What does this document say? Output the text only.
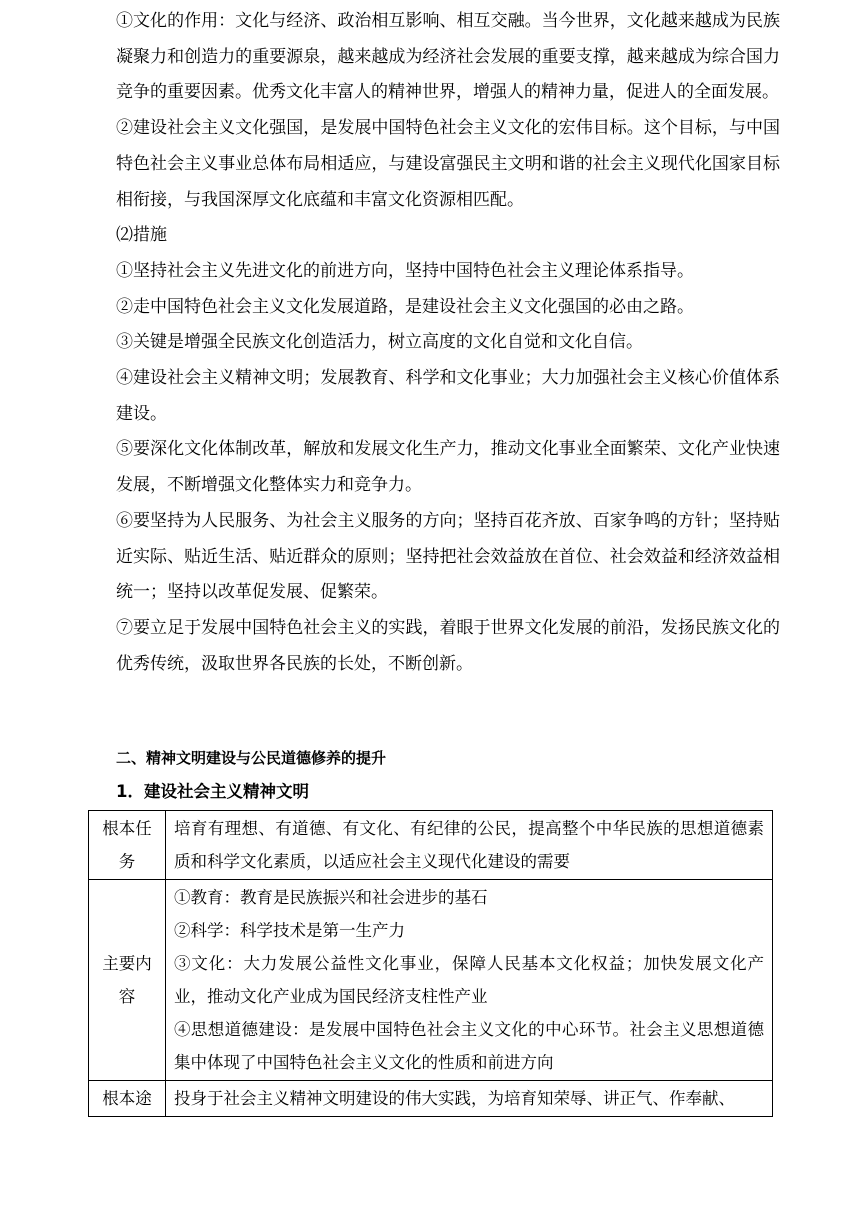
①文化的作用：文化与经济、政治相互影响、相互交融。当今世界，文化越来越成为民族凝聚力和创造力的重要源泉，越来越成为经济社会发展的重要支撑，越来越成为综合国力竞争的重要因素。优秀文化丰富人的精神世界，增强人的精神力量，促进人的全面发展。

②建设社会主义文化强国，是发展中国特色社会主义文化的宏伟目标。这个目标，与中国特色社会主义事业总体布局相适应，与建设富强民主文明和谐的社会主义现代化国家目标相衔接，与我国深厚文化底蕴和丰富文化资源相匹配。

⑵措施

①坚持社会主义先进文化的前进方向，坚持中国特色社会主义理论体系指导。

②走中国特色社会主义文化发展道路，是建设社会主义文化强国的必由之路。

③关键是增强全民族文化创造活力，树立高度的文化自觉和文化自信。

④建设社会主义精神文明；发展教育、科学和文化事业；大力加强社会主义核心价值体系建设。

⑤要深化文化体制改革，解放和发展文化生产力，推动文化事业全面繁荣、文化产业快速发展，不断增强文化整体实力和竞争力。

⑥要坚持为人民服务、为社会主义服务的方向；坚持百花齐放、百家争鸣的方针；坚持贴近实际、贴近生活、贴近群众的原则；坚持把社会效益放在首位、社会效益和经济效益相统一；坚持以改革促发展、促繁荣。

⑦要立足于发展中国特色社会主义的实践，着眼于世界文化发展的前沿，发扬民族文化的优秀传统，汲取世界各民族的长处，不断创新。

二、精神文明建设与公民道德修养的提升
1．建设社会主义精神文明
根本任务	培育有理想、有道德、有文化、有纪律的公民，提高整个中华民族的思想道德素质和科学文化素质，以适应社会主义现代化建设的需要
主要内容	①教育：教育是民族振兴和社会进步的基石
②科学：科学技术是第一生产力
③文化：大力发展公益性文化事业，保障人民基本文化权益；加快发展文化产业，推动文化产业成为国民经济支柱性产业
④思想道德建设：是发展中国特色社会主义文化的中心环节。社会主义思想道德集中体现了中国特色社会主义文化的性质和前进方向

根本途	投身于社会主义精神文明建设的伟大实践，为培育知荣辱、讲正气、作奉献、
